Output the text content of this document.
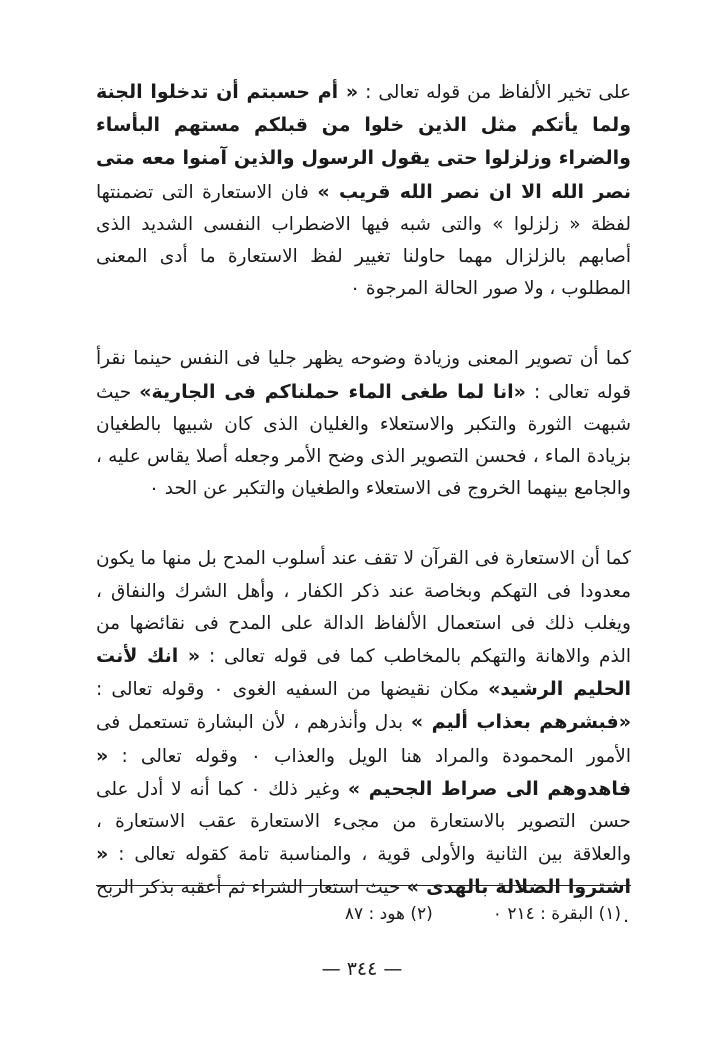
على تخير الألفاظ من قوله تعالى : « أم حسبتم أن تدخلوا الجنة ولما يأتكم مثل الذين خلوا من قبلكم مستهم البأساء والضراء وزلزلوا حتى يقول الرسول والذين آمنوا معه متى نصر الله الا ان نصر الله قريب » فان الاستعارة التى تضمنتها لفظة « زلزلوا » والتى شبه فيها الاضطراب النفسى الشديد الذى أصابهم بالزلزال مهما حاولنا تغيير لفظ الاستعارة ما أدى المعنى المطلوب ، ولا صور الحالة المرجوة ٠

كما أن تصوير المعنى وزيادة وضوحه يظهر جليا فى النفس حينما نقرأ قوله تعالى : «انا لما طغى الماء حملناكم فى الجارية» حيث شبهت الثورة والتكبر والاستعلاء والغليان الذى كان شبيها بالطغيان بزيادة الماء ، فحسن التصوير الذى وضح الأمر وجعله أصلا يقاس عليه ، والجامع بينهما الخروج فى الاستعلاء والطغيان والتكبر عن الحد ٠

كما أن الاستعارة فى القرآن لا تقف عند أسلوب المدح بل منها ما يكون معدودا فى التهكم وبخاصة عند ذكر الكفار ، وأهل الشرك والنفاق ، ويغلب ذلك فى استعمال الألفاظ الدالة على المدح فى نقائضها من الذم والاهانة والتهكم بالمخاطب كما فى قوله تعالى : « انك لأنت الحليم الرشيد» مكان نقيضها من السفيه الغوى ٠ وقوله تعالى : «فبشرهم بعذاب أليم » بدل وأنذرهم ، لأن البشارة تستعمل فى الأمور المحمودة والمراد هنا الويل والعذاب ٠ وقوله تعالى : « فاهدوهم الى صراط الجحيم » وغير ذلك ٠ كما أنه لا أدل على حسن التصوير بالاستعارة من مجىء الاستعارة عقب الاستعارة ، والعلاقة بين الثانية والأولى قوية ، والمناسبة تامة كقوله تعالى : « اشتروا الضلالة بالهدى » حيث استعار الشراء ثم أعقبه بذكر الربح ٠

(١) البقرة : ٢١٤ ٠
(٢) هود : ٨٧
— ٣٤٤ —
